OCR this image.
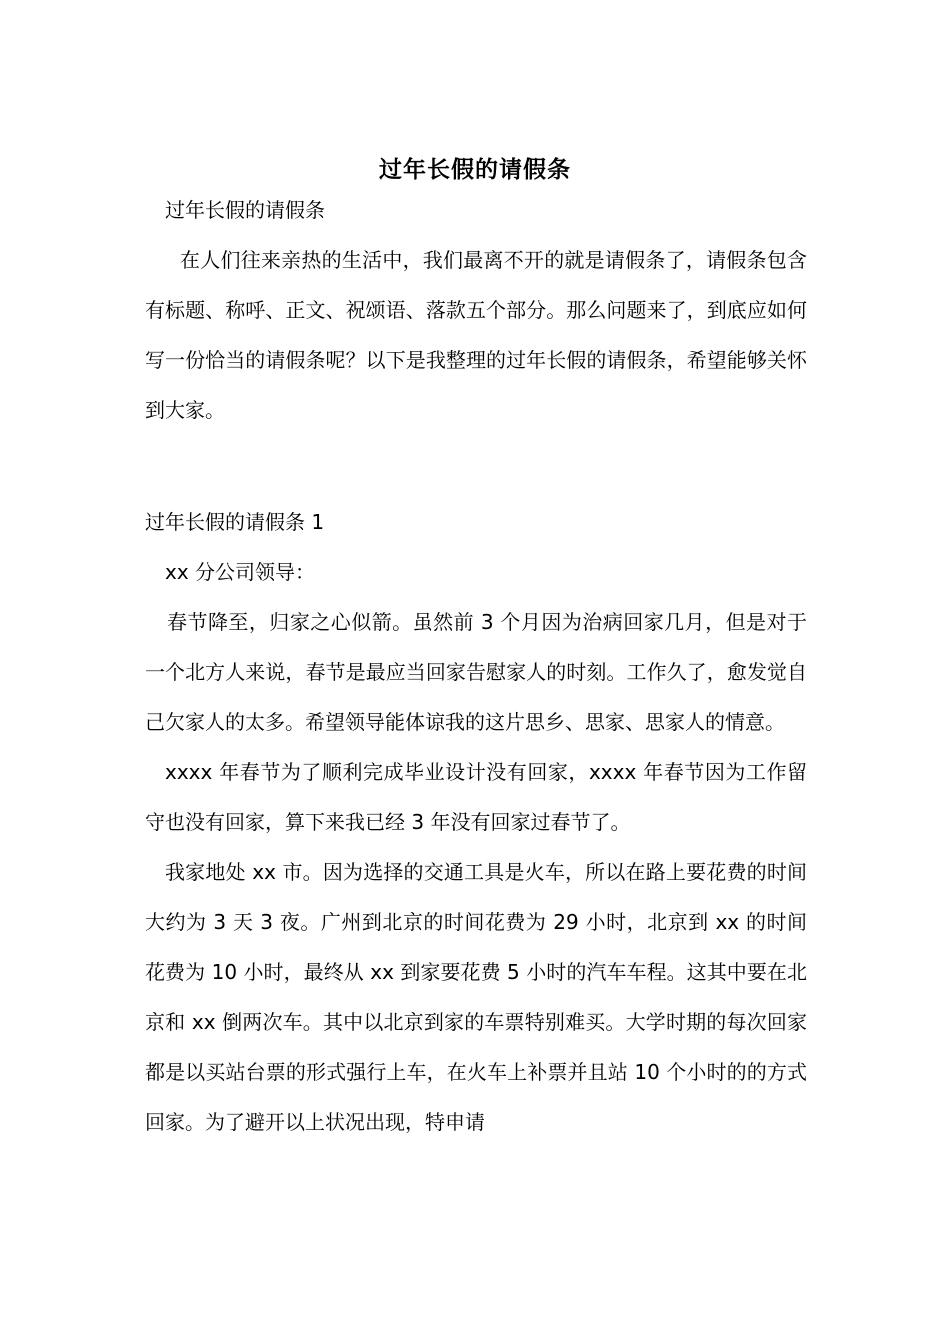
过年长假的请假条

过年长假的请假条

在人们往来亲热的生活中，我们最离不开的就是请假条了，请假条包含有标题、称呼、正文、祝颂语、落款五个部分。那么问题来了，到底应如何写一份恰当的请假条呢？以下是我整理的过年长假的请假条，希望能够关怀到大家。

过年长假的请假条 1

xx 分公司领导：

春节降至，归家之心似箭。虽然前 3 个月因为治病回家几月，但是对于一个北方人来说，春节是最应当回家告慰家人的时刻。工作久了，愈发觉自己欠家人的太多。希望领导能体谅我的这片思乡、思家、思家人的情意。

xxxx 年春节为了顺利完成毕业设计没有回家，xxxx 年春节因为工作留守也没有回家，算下来我已经 3 年没有回家过春节了。

我家地处 xx 市。因为选择的交通工具是火车，所以在路上要花费的时间大约为 3 天 3 夜。广州到北京的时间花费为 29 小时，北京到 xx 的时间花费为 10 小时，最终从 xx 到家要花费 5 小时的汽车车程。这其中要在北京和 xx 倒两次车。其中以北京到家的车票特别难买。大学时期的每次回家都是以买站台票的形式强行上车，在火车上补票并且站 10 个小时的的方式回家。为了避开以上状况出现，特申请
